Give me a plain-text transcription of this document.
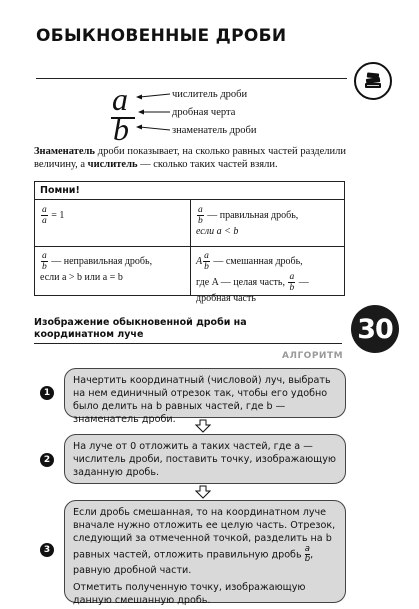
ОБЫКНОВЕННЫЕ ДРОБИ
a
b
числитель дроби
дробная черта
знаменатель дроби
Знаменатель дроби показывает, на сколько равных частей разделили величину, а числитель — сколько таких частей взяли.
Помни!
$\frac{a}{a} = 1$	$\frac{a}{b}$ — правильная дробь,
если a < b
$\frac{a}{b}$ — неправильная дробь,
если a > b или a = b
A $\frac{a}{b}$ — смешанная дробь,
где A — целая часть, $\frac{a}{b}$ —
дробная часть
Изображение обыкновенной дроби на координатном луче	30
АЛГОРИТМ
1
Начертить координатный (числовой) луч, выбрать на нем единичный отрезок так, чтобы его удобно было делить на b равных частей, где b — знаменатель дроби.
2
На луче от 0 отложить a таких частей, где a — числитель дроби, поставить точку, изображающую заданную дробь.
3
Если дробь смешанная, то на координатном луче вначале нужно отложить ее целую часть. Отрезок, следующий за отмеченной точкой, разделить на b равных частей, отложить правильную дробь $\frac{a}{b}$ , равную дробной части.
Отметить полученную точку, изображающую данную смешанную дробь.
